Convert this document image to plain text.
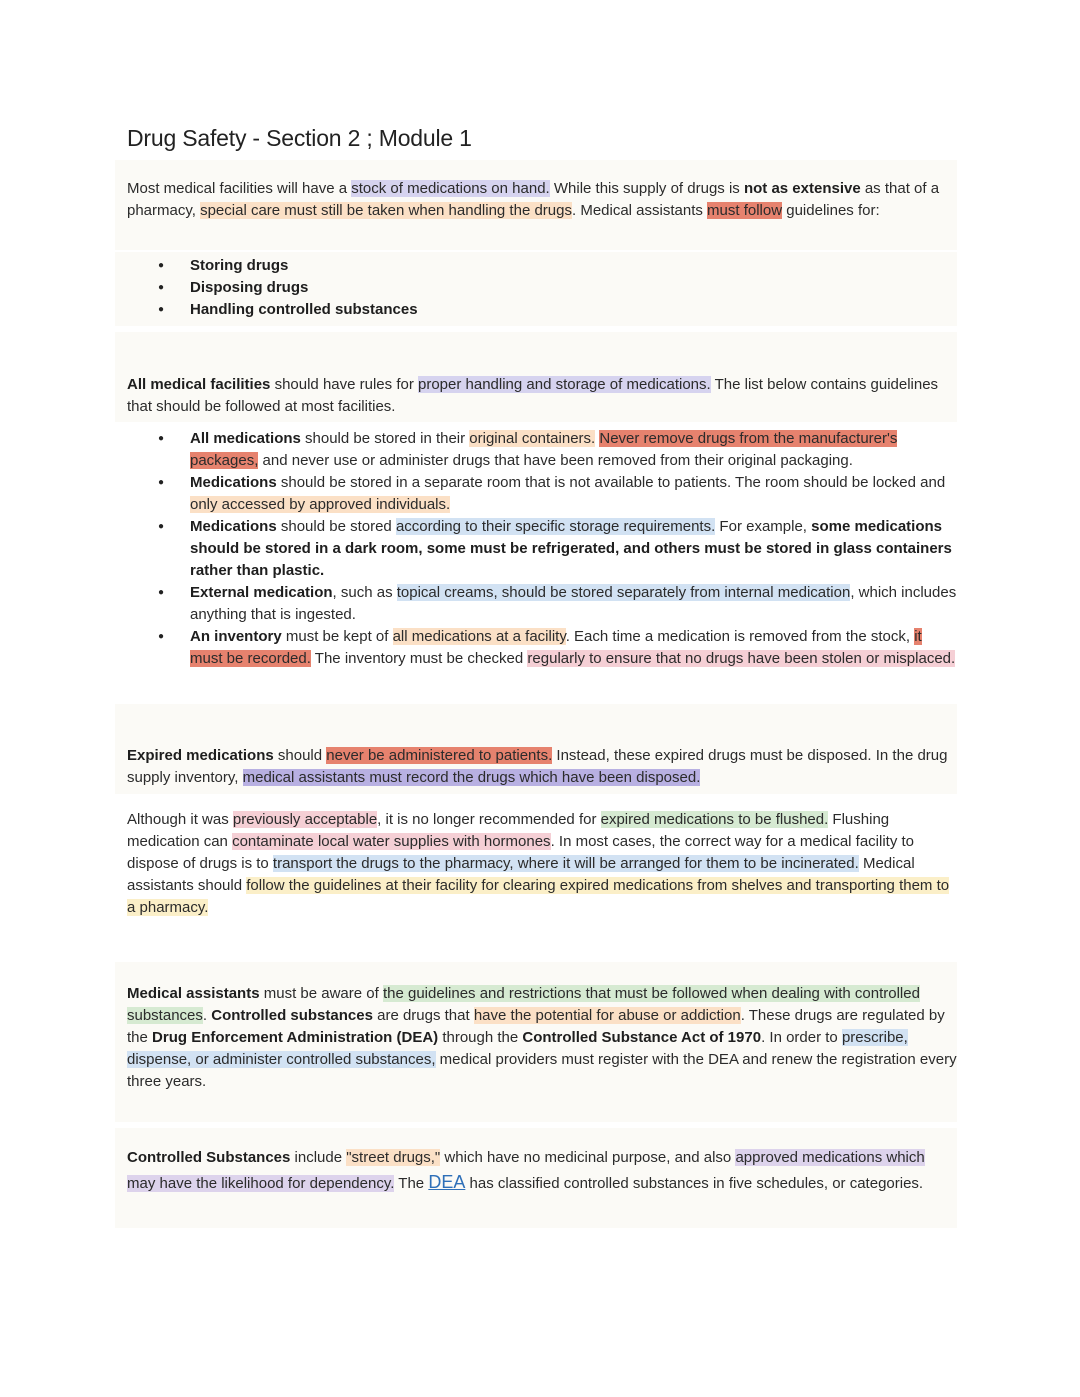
Drug Safety - Section 2 ; Module 1

Most medical facilities will have a stock of medications on hand. While this supply of drugs is not as extensive as that of a pharmacy, special care must still be taken when handling the drugs. Medical assistants must follow guidelines for:

● Storing drugs
● Disposing drugs
● Handling controlled substances

All medical facilities should have rules for proper handling and storage of medications. The list below contains guidelines that should be followed at most facilities.

● All medications should be stored in their original containers. Never remove drugs from the manufacturer's packages, and never use or administer drugs that have been removed from their original packaging.
● Medications should be stored in a separate room that is not available to patients. The room should be locked and only accessed by approved individuals.
● Medications should be stored according to their specific storage requirements. For example, some medications should be stored in a dark room, some must be refrigerated, and others must be stored in glass containers rather than plastic.
● External medication, such as topical creams, should be stored separately from internal medication, which includes anything that is ingested.
● An inventory must be kept of all medications at a facility. Each time a medication is removed from the stock, it must be recorded. The inventory must be checked regularly to ensure that no drugs have been stolen or misplaced.

Expired medications should never be administered to patients. Instead, these expired drugs must be disposed. In the drug supply inventory, medical assistants must record the drugs which have been disposed.

Although it was previously acceptable, it is no longer recommended for expired medications to be flushed. Flushing medication can contaminate local water supplies with hormones. In most cases, the correct way for a medical facility to dispose of drugs is to transport the drugs to the pharmacy, where it will be arranged for them to be incinerated. Medical assistants should follow the guidelines at their facility for clearing expired medications from shelves and transporting them to a pharmacy.

Medical assistants must be aware of the guidelines and restrictions that must be followed when dealing with controlled substances. Controlled substances are drugs that have the potential for abuse or addiction. These drugs are regulated by the Drug Enforcement Administration (DEA) through the Controlled Substance Act of 1970. In order to prescribe, dispense, or administer controlled substances, medical providers must register with the DEA and renew the registration every three years.

Controlled Substances include "street drugs," which have no medicinal purpose, and also approved medications which may have the likelihood for dependency. The DEA has classified controlled substances in five schedules, or categories.
